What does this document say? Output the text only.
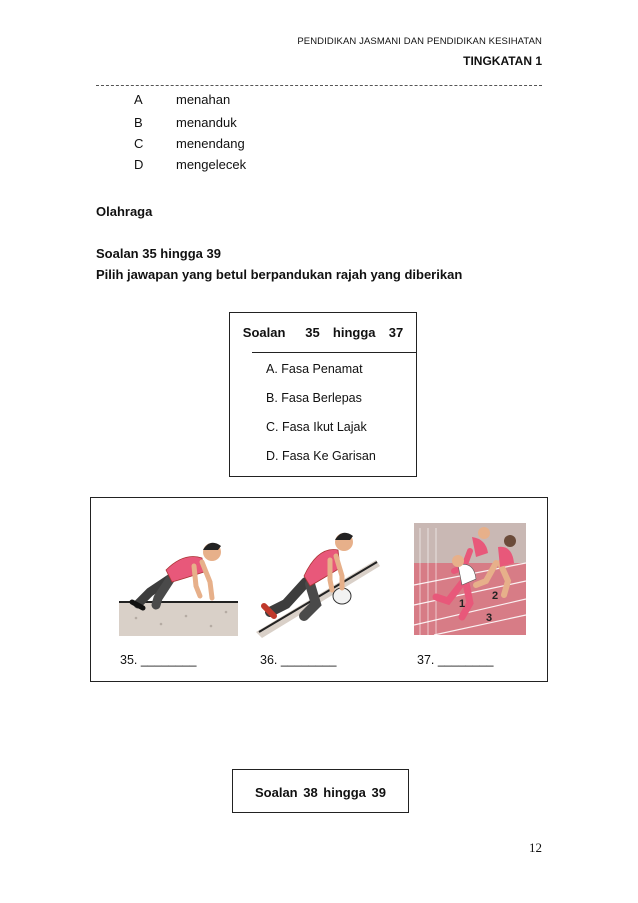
PENDIDIKAN JASMANI DAN PENDIDIKAN KESIHATAN
TINGKATAN 1
A	menahan
B	menanduk
C	menendang
D	mengelecek
Olahraga
Soalan 35 hingga 39
Pilih jawapan yang betul berpandukan rajah yang diberikan
Soalan   35  hingga  37
A. Fasa Penamat
B. Fasa Berlepas
C. Fasa Ikut Lajak
D. Fasa Ke Garisan
1
2
3
35. ________	36. ________	37. ________
Soalan 38 hingga 39
12
